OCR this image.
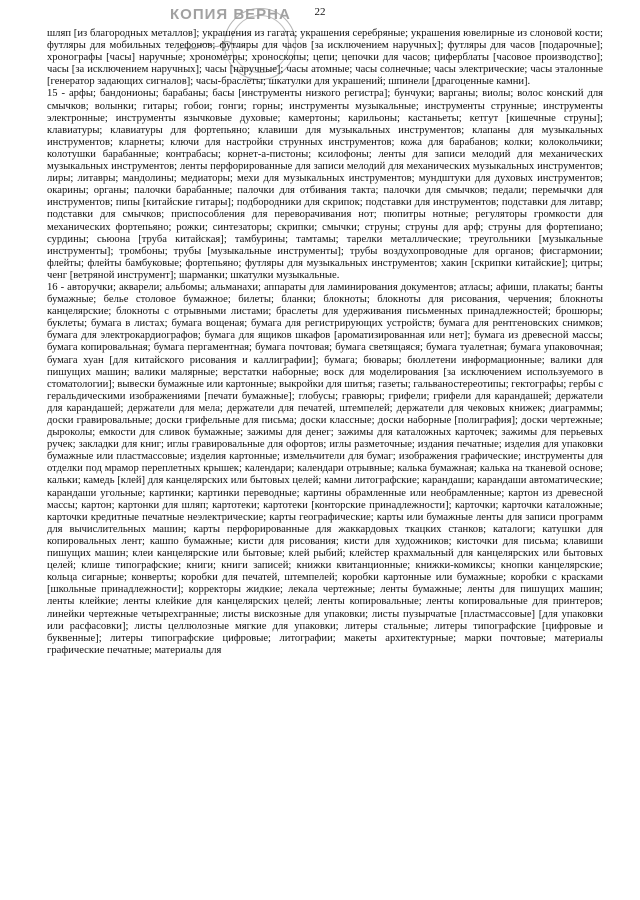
22
КОПИЯ ВЕРНА

шляп [из благородных металлов]; украшения из гагата; украшения серебряные; украшения ювелирные из слоновой кости; футляры для мобильных телефонов; футляры для часов [за исключением наручных]; футляры для часов [подарочные]; хронографы [часы] наручные; хронометры; хроноскопы; цепи; цепочки для часов; циферблаты [часовое производство]; часы [за исключением наручных]; часы [наручные]; часы атомные; часы солнечные; часы электрические; часы эталонные [генератор задающих сигналов]; часы-браслеты; шкатулки для украшений; шпинели [драгоценные камни].

15 - арфы; бандонионы; барабаны; басы [инструменты низкого регистра]; бунчуки; варганы; виолы; волос конский для смычков; волынки; гитары; гобои; гонги; горны; инструменты музыкальные; инструменты струнные; инструменты электронные; инструменты язычковые духовые; камертоны; карильоны; кастаньеты; кетгут [кишечные струны]; клавиатуры; клавиатуры для фортепьяно; клавиши для музыкальных инструментов; клапаны для музыкальных инструментов; кларнеты; ключи для настройки струнных инструментов; кожа для барабанов; колки; колокольчики; колотушки барабанные; контрабасы; корнет-а-пистоны; ксилофоны; ленты для записи мелодий для механических музыкальных инструментов; ленты перфорированные для записи мелодий для механических музыкальных инструментов; лиры; литавры; мандолины; медиаторы; мехи для музыкальных инструментов; мундштуки для духовых инструментов; окарины; органы; палочки барабанные; палочки для отбивания такта; палочки для смычков; педали; перемычки для инструментов; пипы [китайские гитары]; подбородники для скрипок; подставки для инструментов; подставки для литавр; подставки для смычков; приспособления для переворачивания нот; пюпитры нотные; регуляторы громкости для механических фортепьяно; рожки; синтезаторы; скрипки; смычки; струны; струны для арф; струны для фортепиано; сурдины; сьюона [труба китайская]; тамбурины; тамтамы; тарелки металлические; треугольники [музыкальные инструменты]; тромбоны; трубы [музыкальные инструменты]; трубы воздухопроводные для органов; фисгармонии; флейты; флейты бамбуковые; фортепьяно; футляры для музыкальных инструментов; хакин [скрипки китайские]; цитры; ченг [ветряной инструмент]; шарманки; шкатулки музыкальные.

16 - авторучки; акварели; альбомы; альманахи; аппараты для ламинирования документов; атласы; афиши, плакаты; банты бумажные; белье столовое бумажное; билеты; бланки; блокноты; блокноты для рисования, черчения; блокноты канцелярские; блокноты с отрывными листами; браслеты для удерживания письменных принадлежностей; брошюры; буклеты; бумага в листах; бумага вощеная; бумага для регистрирующих устройств; бумага для рентгеновских снимков; бумага для электрокардиографов; бумага для ящиков шкафов [ароматизированная или нет]; бумага из древесной массы; бумага копировальная; бумага пергаментная; бумага почтовая; бумага светящаяся; бумага туалетная; бумага упаковочная; бумага хуан [для китайского рисования и каллиграфии]; бумага; бювары; бюллетени информационные; валики для пишущих машин; валики малярные; верстатки наборные; воск для моделирования [за исключением используемого в стоматологии]; вывески бумажные или картонные; выкройки для шитья; газеты; гальваностереотипы; гектографы; гербы с геральдическими изображениями [печати бумажные]; глобусы; гравюры; грифели; грифели для карандашей; держатели для карандашей; держатели для мела; держатели для печатей, штемпелей; держатели для чековых книжек; диаграммы; доски гравировальные; доски грифельные для письма; доски классные; доски наборные [полиграфия]; доски чертежные; дыроколы; емкости для сливок бумажные; зажимы для денег; зажимы для каталожных карточек; зажимы для перьевых ручек; закладки для книг; иглы гравировальные для офортов; иглы разметочные; издания печатные; изделия для упаковки бумажные или пластмассовые; изделия картонные; измельчители для бумаг; изображения графические; инструменты для отделки под мрамор переплетных крышек; календари; календари отрывные; калька бумажная; калька на тканевой основе; кальки; камедь [клей] для канцелярских или бытовых целей; камни литографские; карандаши; карандаши автоматические; карандаши угольные; картинки; картинки переводные; картины обрамленные или необрамленные; картон из древесной массы; картон; картонки для шляп; картотеки; картотеки [конторские принадлежности]; карточки; карточки каталожные; карточки кредитные печатные неэлектрические; карты географические; карты или бумажные ленты для записи программ для вычислительных машин; карты перфорированные для жаккардовых ткацких станков; каталоги; катушки для копировальных лент; кашпо бумажные; кисти для рисования; кисти для художников; кисточки для письма; клавиши пишущих машин; клеи канцелярские или бытовые; клей рыбий; клейстер крахмальный для канцелярских или бытовых целей; клише типографские; книги; книги записей; книжки квитанционные; книжки-комиксы; кнопки канцелярские; кольца сигарные; конверты; коробки для печатей, штемпелей; коробки картонные или бумажные; коробки с красками [школьные принадлежности]; корректоры жидкие; лекала чертежные; ленты бумажные; ленты для пишущих машин; ленты клейкие; ленты клейкие для канцелярских целей; ленты копировальные; ленты копировальные для принтеров; линейки чертежные четырехгранные; листы вискозные для упаковки; листы пузырчатые [пластмассовые] [для упаковки или расфасовки]; листы целлюлозные мягкие для упаковки; литеры стальные; литеры типографские [цифровые и буквенные]; литеры типографские цифровые; литографии; макеты архитектурные; марки почтовые; материалы графические печатные; материалы для
